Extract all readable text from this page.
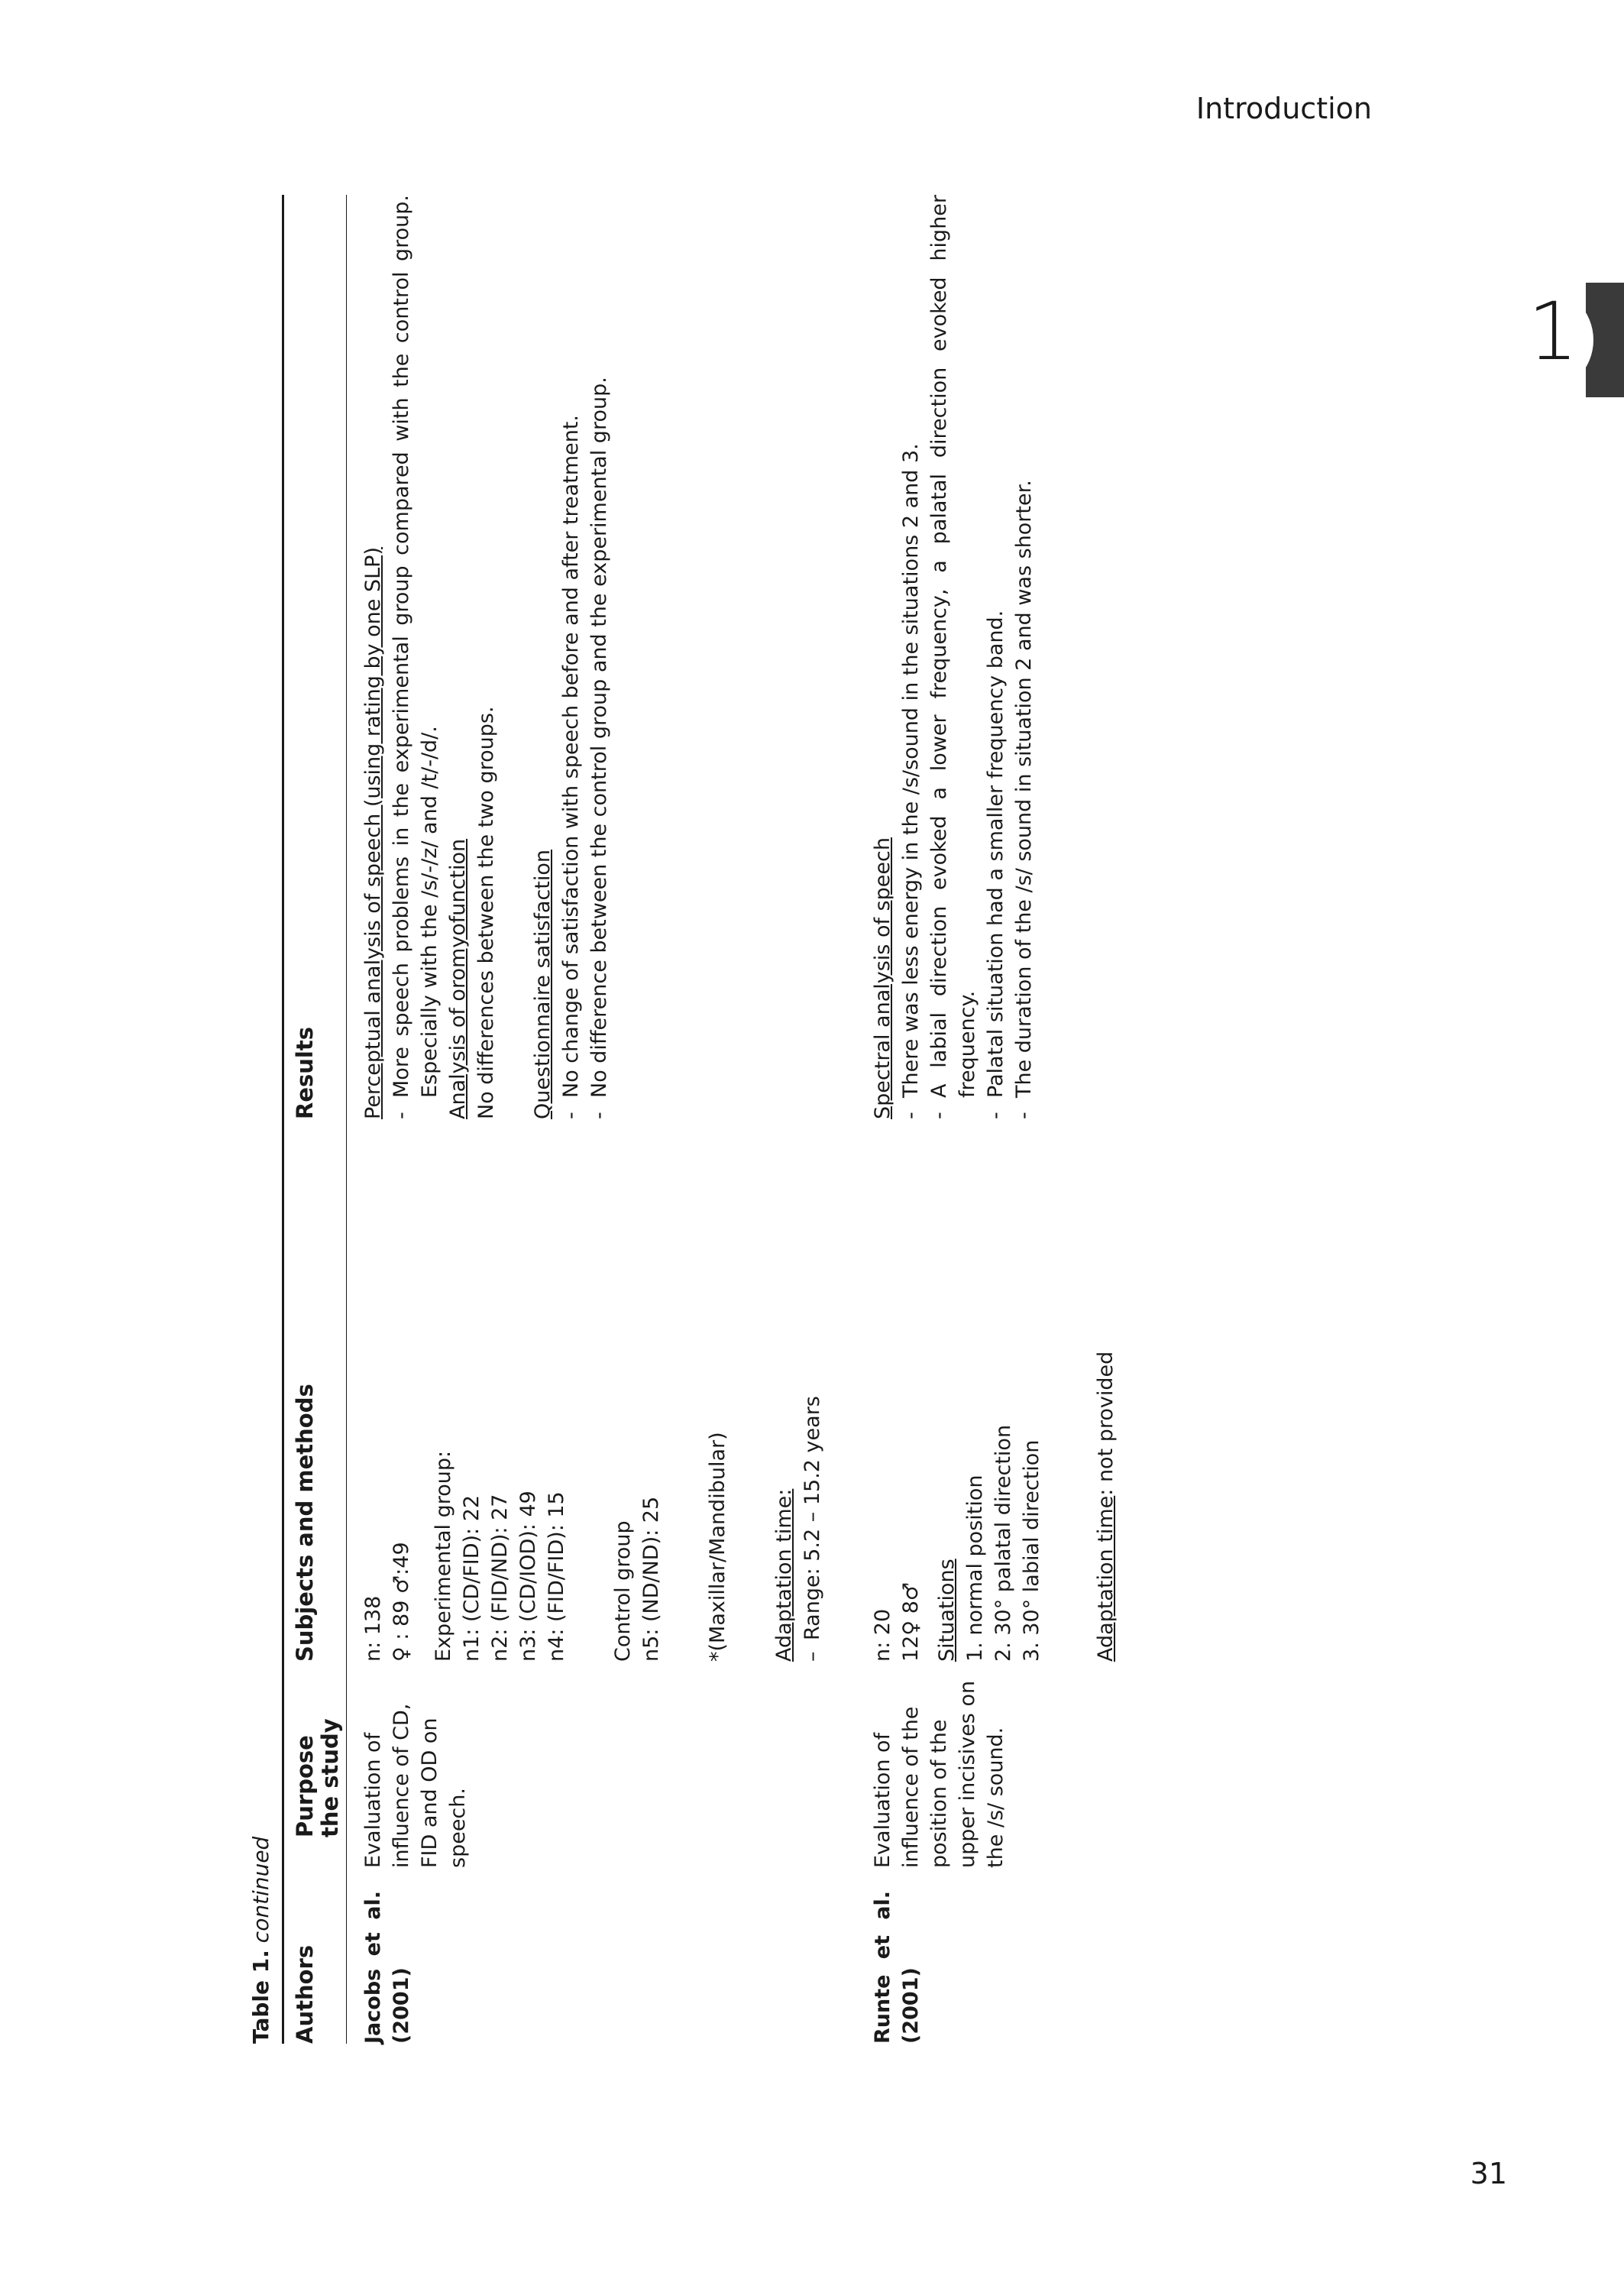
Introduction
1
31
Table 1. continued
Authors
Purpose the study
Subjects and methods
Results
Jacobs et al. (2001)
Evaluation of influence of CD, FID and OD on speech.
n: 138 ♀ : 89 ♂:49 Experimental group: n1: (CD/FID): 22 n2: (FID/ND): 27 n3: (CD/IOD): 49 n4: (FID/FID): 15 Control group n5: (ND/ND): 25 *(Maxillar/Mandibular) Adaptation time: –
Range: 5.2 – 15.2 years
Perceptual analysis of speech (using rating by one SLP) -
More speech problems in the experimental group compared with the control group. Especially with the /s/-/z/ and /t/-/d/. Analysis of oromyofunction No differences between the two groups. Questionnaire satisfaction -
No change of satisfaction with speech before and after treatment.
-
No difference between the control group and the experimental group.
Runte et al. (2001)
Evaluation of influence of the position of the upper incisives on the /s/ sound.
n: 20 12♀ 8♂ Situations 1. normal position 2. 30° palatal direction 3. 30° labial direction Adaptation time: not provided
Spectral analysis of speech -
There was less energy in the /s/sound in the situations 2 and 3.
-
A labial direction evoked a lower frequency, a palatal direction evoked higher frequency.
-
Palatal situation had a smaller frequency band.
-
The duration of the /s/ sound in situation 2 and was shorter.
